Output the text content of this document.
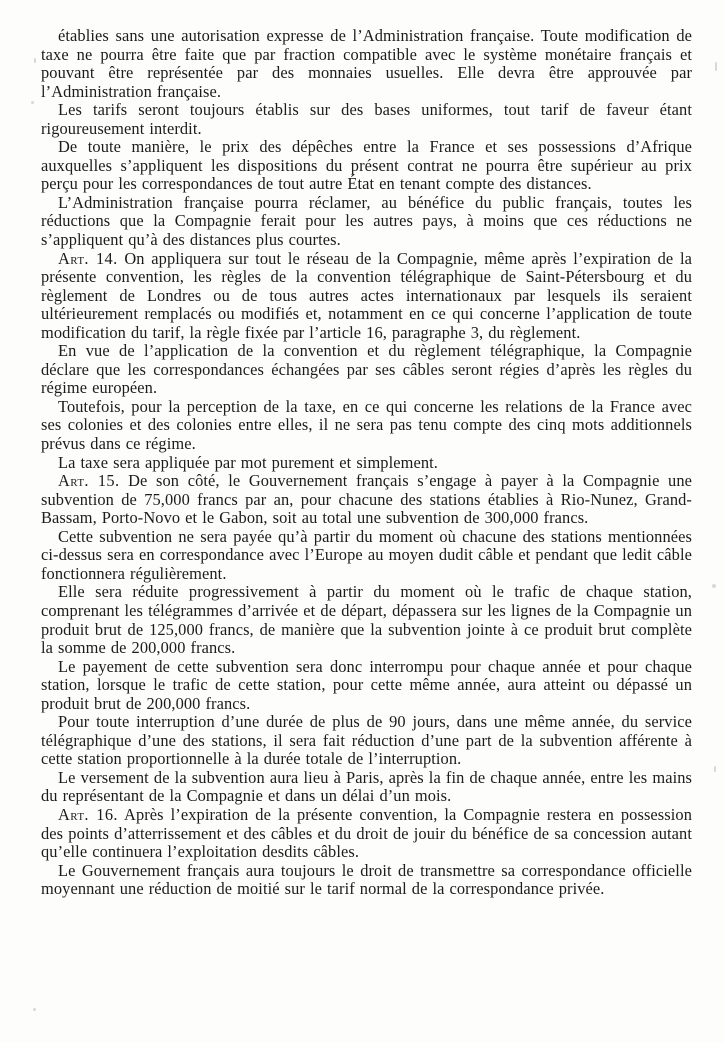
établies sans une autorisation expresse de l’Administration française. Toute modification de taxe ne pourra être faite que par fraction compatible avec le système monétaire français et pouvant être représentée par des monnaies usuelles. Elle devra être approuvée par l’Administration française.

Les tarifs seront toujours établis sur des bases uniformes, tout tarif de faveur étant rigoureusement interdit.

De toute manière, le prix des dépêches entre la France et ses possessions d’Afrique auxquelles s’appliquent les dispositions du présent contrat ne pourra être supérieur au prix perçu pour les correspondances de tout autre État en tenant compte des distances.

L’Administration française pourra réclamer, au bénéfice du public français, toutes les réductions que la Compagnie ferait pour les autres pays, à moins que ces réductions ne s’appliquent qu’à des distances plus courtes.

Art. 14. On appliquera sur tout le réseau de la Compagnie, même après l’expiration de la présente convention, les règles de la convention télégraphique de Saint-Pétersbourg et du règlement de Londres ou de tous autres actes internationaux par lesquels ils seraient ultérieurement remplacés ou modifiés et, notamment en ce qui concerne l’application de toute modification du tarif, la règle fixée par l’article 16, paragraphe 3, du règlement.

En vue de l’application de la convention et du règlement télégraphique, la Compagnie déclare que les correspondances échangées par ses câbles seront régies d’après les règles du régime européen.

Toutefois, pour la perception de la taxe, en ce qui concerne les relations de la France avec ses colonies et des colonies entre elles, il ne sera pas tenu compte des cinq mots additionnels prévus dans ce régime.

La taxe sera appliquée par mot purement et simplement.

Art. 15. De son côté, le Gouvernement français s’engage à payer à la Compagnie une subvention de 75,000 francs par an, pour chacune des stations établies à Rio-Nunez, Grand-Bassam, Porto-Novo et le Gabon, soit au total une subvention de 300,000 francs.

Cette subvention ne sera payée qu’à partir du moment où chacune des stations mentionnées ci-dessus sera en correspondance avec l’Europe au moyen dudit câble et pendant que ledit câble fonctionnera régulièrement.

Elle sera réduite progressivement à partir du moment où le trafic de chaque station, comprenant les télégrammes d’arrivée et de départ, dépassera sur les lignes de la Compagnie un produit brut de 125,000 francs, de manière que la subvention jointe à ce produit brut complète la somme de 200,000 francs.

Le payement de cette subvention sera donc interrompu pour chaque année et pour chaque station, lorsque le trafic de cette station, pour cette même année, aura atteint ou dépassé un produit brut de 200,000 francs.

Pour toute interruption d’une durée de plus de 90 jours, dans une même année, du service télégraphique d’une des stations, il sera fait réduction d’une part de la subvention afférente à cette station proportionnelle à la durée totale de l’interruption.

Le versement de la subvention aura lieu à Paris, après la fin de chaque année, entre les mains du représentant de la Compagnie et dans un délai d’un mois.

Art. 16. Après l’expiration de la présente convention, la Compagnie restera en possession des points d’atterrissement et des câbles et du droit de jouir du bénéfice de sa concession autant qu’elle continuera l’exploitation desdits câbles.

Le Gouvernement français aura toujours le droit de transmettre sa correspondance officielle moyennant une réduction de moitié sur le tarif normal de la correspondance privée.
